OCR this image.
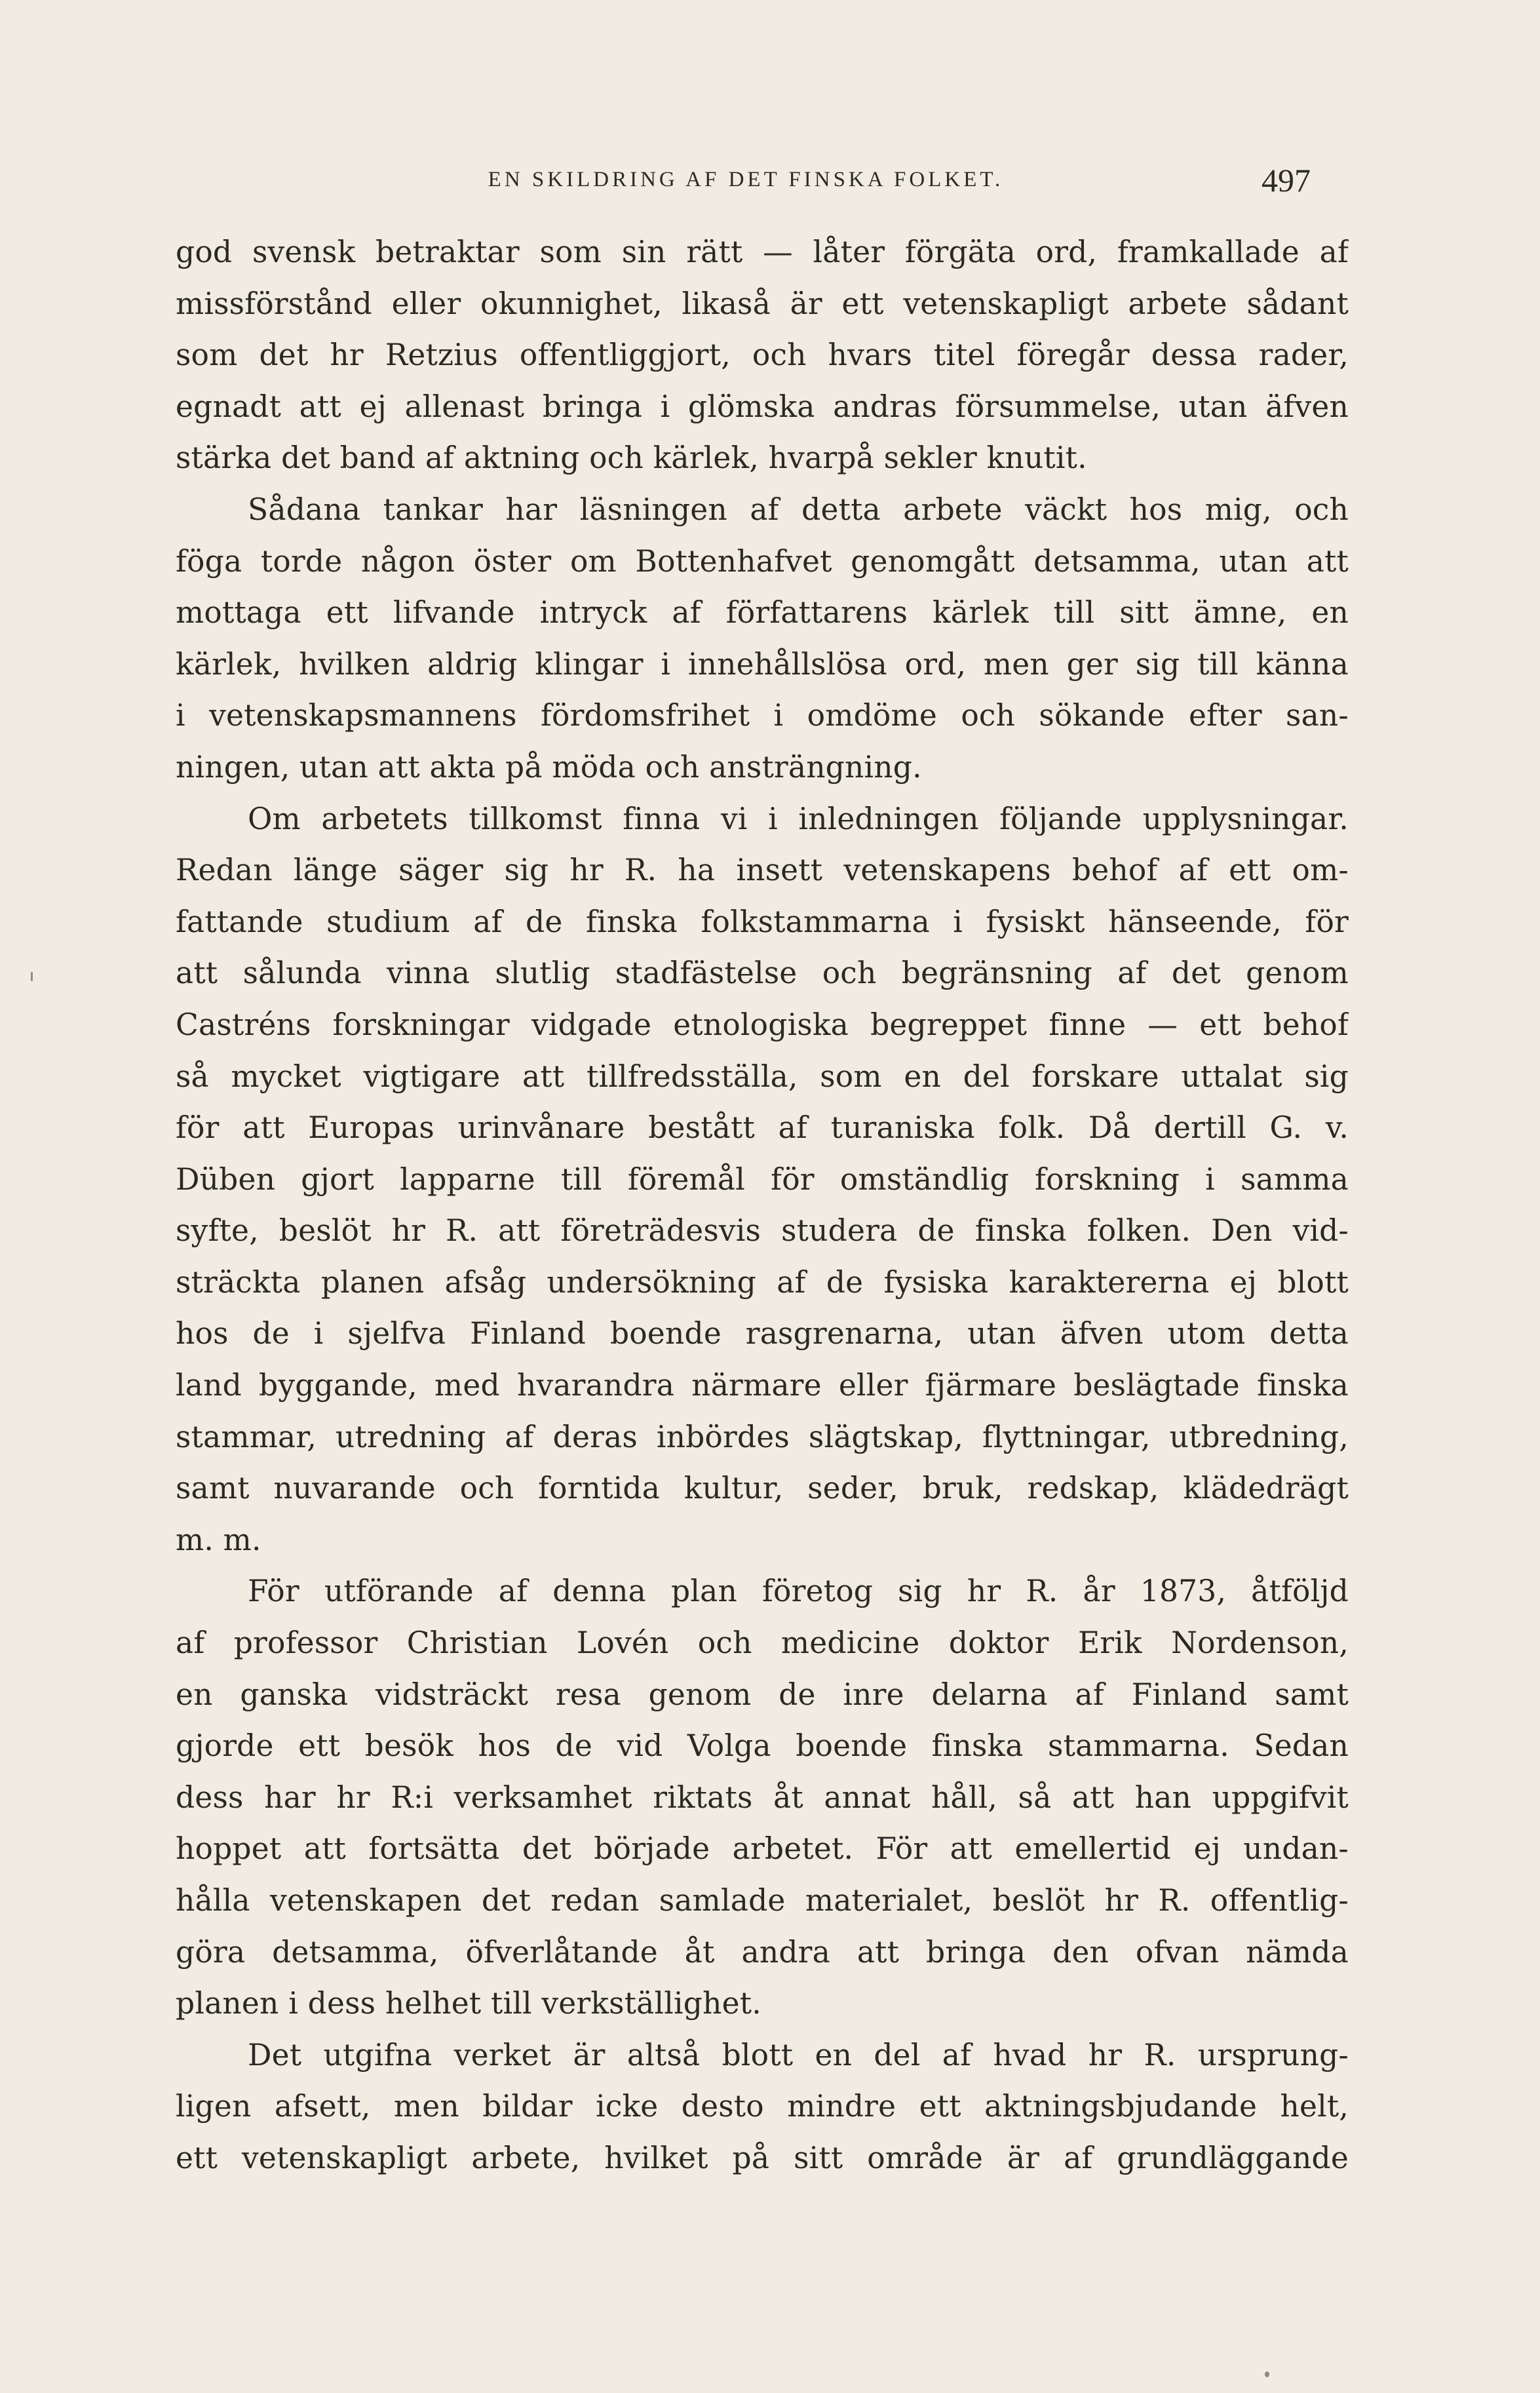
EN SKILDRING AF DET FINSKA FOLKET.	497
god svensk betraktar som sin rätt — låter förgäta ord, framkallade af
missförstånd eller okunnighet, likaså är ett vetenskapligt arbete sådant
som det hr Retzius offentliggjort, och hvars titel föregår dessa rader,
egnadt att ej allenast bringa i glömska andras försummelse, utan äfven
stärka det band af aktning och kärlek, hvarpå sekler knutit.
Sådana tankar har läsningen af detta arbete väckt hos mig, och
föga torde någon öster om Bottenhafvet genomgått detsamma, utan att
mottaga ett lifvande intryck af författarens kärlek till sitt ämne, en
kärlek, hvilken aldrig klingar i innehållslösa ord, men ger sig till känna
i vetenskapsmannens fördomsfrihet i omdöme och sökande efter san-
ningen, utan att akta på möda och ansträngning.
Om arbetets tillkomst finna vi i inledningen följande upplysningar.
Redan länge säger sig hr R. ha insett vetenskapens behof af ett om-
fattande studium af de finska folkstammarna i fysiskt hänseende, för
att sålunda vinna slutlig stadfästelse och begränsning af det genom
Castréns forskningar vidgade etnologiska begreppet finne — ett behof
så mycket vigtigare att tillfredsställa, som en del forskare uttalat sig
för att Europas urinvånare bestått af turaniska folk. Då dertill G. v.
Düben gjort lapparne till föremål för omständlig forskning i samma
syfte, beslöt hr R. att företrädesvis studera de finska folken. Den vid-
sträckta planen afsåg undersökning af de fysiska karaktererna ej blott
hos de i sjelfva Finland boende rasgrenarna, utan äfven utom detta
land byggande, med hvarandra närmare eller fjärmare beslägtade finska
stammar, utredning af deras inbördes slägtskap, flyttningar, utbredning,
samt nuvarande och forntida kultur, seder, bruk, redskap, klädedrägt
m. m.
För utförande af denna plan företog sig hr R. år 1873, åtföljd
af professor Christian Lovén och medicine doktor Erik Nordenson,
en ganska vidsträckt resa genom de inre delarna af Finland samt
gjorde ett besök hos de vid Volga boende finska stammarna. Sedan
dess har hr R:i verksamhet riktats åt annat håll, så att han uppgifvit
hoppet att fortsätta det började arbetet. För att emellertid ej undan-
hålla vetenskapen det redan samlade materialet, beslöt hr R. offentlig-
göra detsamma, öfverlåtande åt andra att bringa den ofvan nämda
planen i dess helhet till verkställighet.
Det utgifna verket är altså blott en del af hvad hr R. ursprung-
ligen afsett, men bildar icke desto mindre ett aktningsbjudande helt,
ett vetenskapligt arbete, hvilket på sitt område är af grundläggande
